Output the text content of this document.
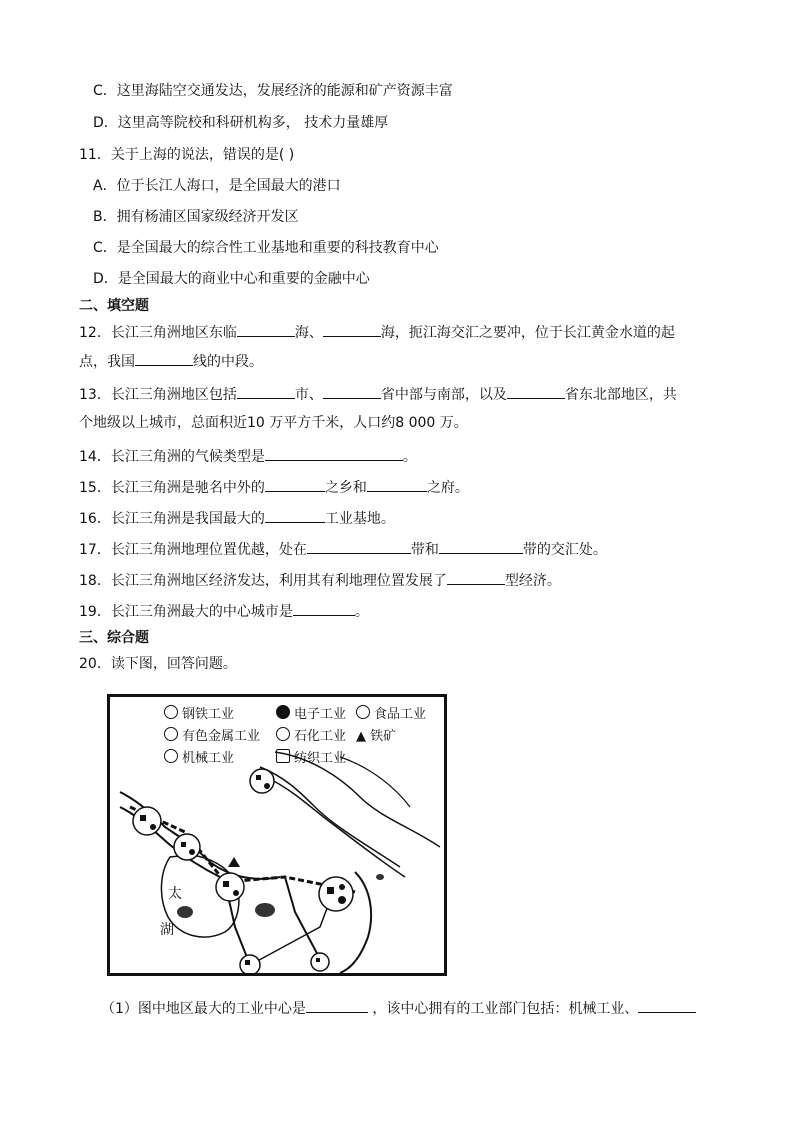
C．这里海陆空交通发达，发展经济的能源和矿产资源丰富
D．这里高等院校和科研机构多， 技术力量雄厚
11．关于上海的说法，错误的是( )
A．位于长江人海口，是全国最大的港口
B．拥有杨浦区国家级经济开发区
C．是全国最大的综合性工业基地和重要的科技教育中心
D．是全国最大的商业中心和重要的金融中心
二、填空题
12．长江三角洲地区东临	海、	海，扼江海交汇之要冲，位于长江黄金水道的起
点，我国	线的中段。
13．长江三角洲地区包括	市、	省中部与南部，以及	省东北部地区，共
个地级以上城市，总面积近10 万平方千米，人口约8 000 万。
14．长江三角洲的气候类型是	。
15．长江三角洲是驰名中外的	之乡和	之府。
16．长江三角洲是我国最大的	工业基地。
17．长江三角洲地理位置优越，处在	带和	带的交汇处。
18．长江三角洲地区经济发达，利用其有利地理位置发展了	型经济。
19．长江三角洲最大的中心城市是	。
三、综合题
20．读下图，回答问题。
钢铁工业	电子工业	食品工业
有色金属工业	石化工业 ▲ 铁矿
机械工业	纺织工业
太
湖
（1）图中地区最大的工业中心是	，该中心拥有的工业部门包括：机械工业、
